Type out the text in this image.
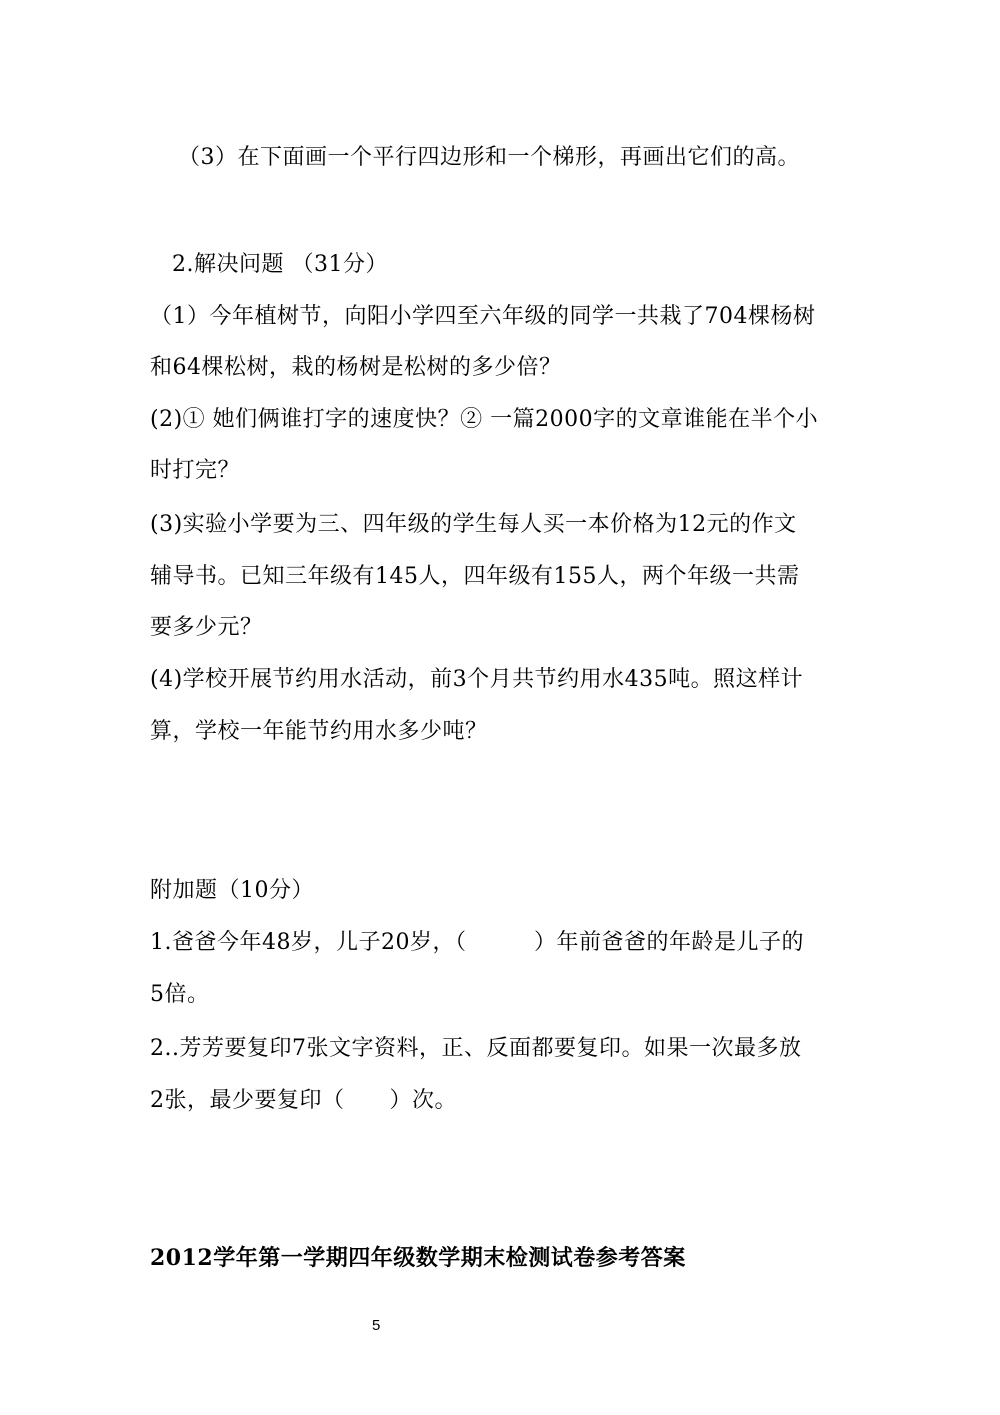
（3）在下面画一个平行四边形和一个梯形，再画出它们的高。
2.解决问题 （31分）
（1）今年植树节，向阳小学四至六年级的同学一共栽了704棵杨树
和64棵松树，栽的杨树是松树的多少倍？
(2)① 她们俩谁打字的速度快？② 一篇2000字的文章谁能在半个小
时打完？
(3)实验小学要为三、四年级的学生每人买一本价格为12元的作文
辅导书。已知三年级有145人，四年级有155人，两个年级一共需
要多少元？
(4)学校开展节约用水活动，前3个月共节约用水435吨。照这样计
算，学校一年能节约用水多少吨？
附加题（10分）
1.爸爸今年48岁，儿子20岁，（　　　）年前爸爸的年龄是儿子的
5倍。
2..芳芳要复印7张文字资料，正、反面都要复印。如果一次最多放
2张，最少要复印（　　）次。
2012学年第一学期四年级数学期末检测试卷参考答案
5
